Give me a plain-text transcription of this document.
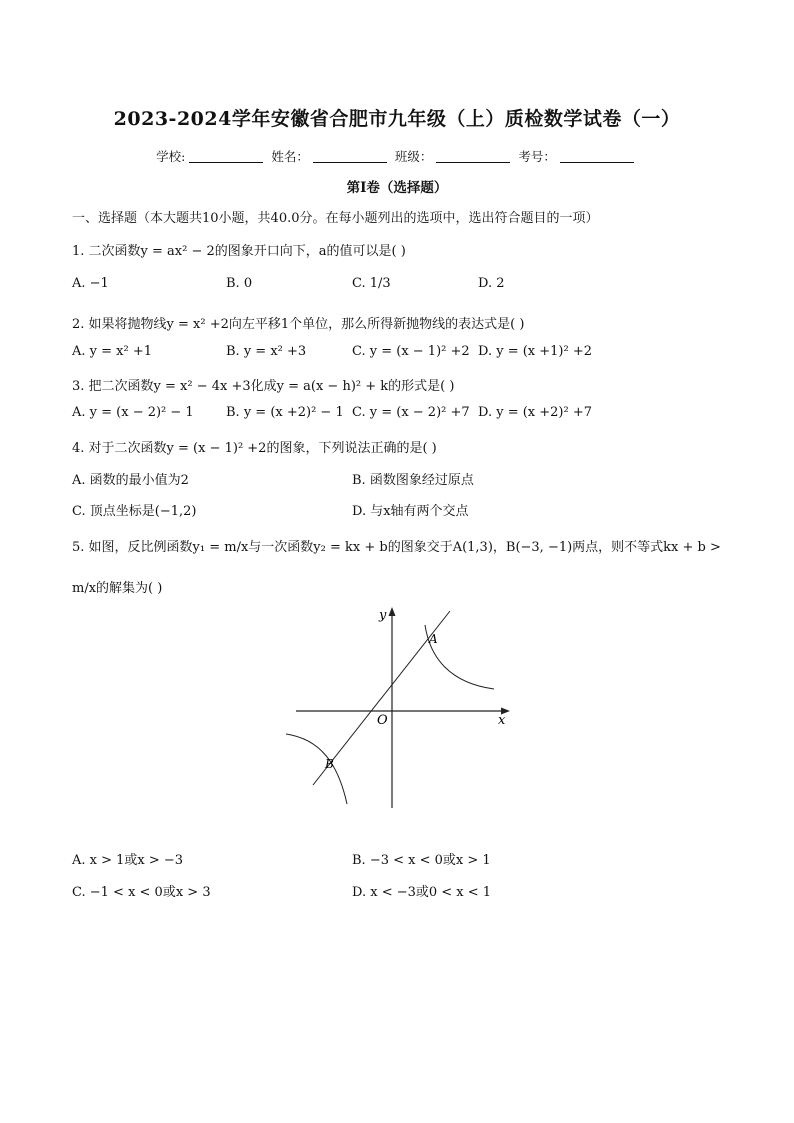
2023-2024学年安徽省合肥市九年级（上）质检数学试卷（一）
学校:	姓名：	班级：	考号：
第I卷（选择题）
一、选择题（本大题共10小题，共40.0分。在每小题列出的选项中，选出符合题目的一项）
1. 二次函数y = ax² − 2的图象开口向下，a的值可以是( )
A. −1	B. 0	C. 1/3	D. 2
2. 如果将抛物线y = x² +2向左平移1个单位，那么所得新抛物线的表达式是( )
A. y = x² +1	B. y = x² +3	C. y = (x − 1)² +2 D. y = (x +1)² +2
3. 把二次函数y = x² − 4x +3化成y = a(x − h)² + k的形式是( )
A. y = (x − 2)² − 1 B. y = (x +2)² − 1 C. y = (x − 2)² +7 D. y = (x +2)² +7
4. 对于二次函数y = (x − 1)² +2的图象，下列说法正确的是( )
A. 函数的最小值为2	B. 函数图象经过原点
C. 顶点坐标是(−1,2)	D. 与x轴有两个交点
5. 如图，反比例函数y₁ = m/x与一次函数y₂ = kx + b的图象交于A(1,3)，B(−3, −1)两点，则不等式kx + b >
m/x的解集为( )
y
x
O
A
B
A. x > 1或x > −3	B. −3 < x < 0或x > 1
C. −1 < x < 0或x > 3	D. x < −3或0 < x < 1
